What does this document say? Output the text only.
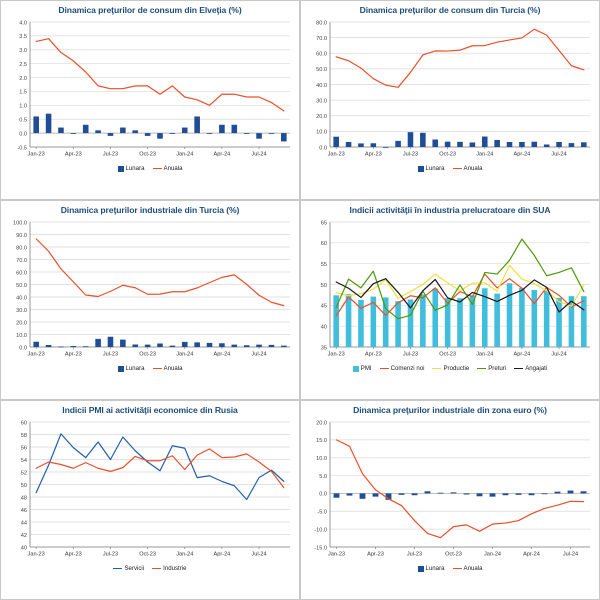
Dinamica preţurilor de consum din Elveţia (%)
-0.5
0.0
0.5
1.0
1.5
2.0
2.5
3.0
3.5
4.0
Jan-23	Apr-23	Jul-23	Oct-23	Jan-24	Apr-24	Jul-24
Lunara	Anuala
Dinamica preţurilor de consum din Turcia (%)
0.0
10.0
20.0
30.0
40.0
50.0
60.0
70.0
80.0
Jan-23	Apr-23	Jul-23	Oct-23	Jan-24	Apr-24	Jul-24
Lunara	Anuala
Dinamica preţurilor industriale din Turcia (%)
0.0
10.0
20.0
30.0
40.0
50.0
60.0
70.0
80.0
90.0
100.0
Jan-23	Apr-23	Jul-23	Oct-23	Jan-24	Apr-24	Jul-24
Lunara	Anuala
Indicii activităţii în industria prelucratoare din SUA
35
40
45
50
55
60
65
Jan-23	Apr-23	Jul-23	Oct-23	Jan-24	Apr-24	Jul-24
PMI	Comenzi noi	Productie	Preturi	Angajati
Indicii PMI ai activităţii economice din Rusia
40
42
44
46
48
50
52
54
56
58
60
Jan-23	Apr-23	Jul-23	Oct-23	Jan-24	Apr-24	Jul-24
Servicii	Industrie
Dinamica preţurilor industriale din zona euro (%)
-15.0
-10.0
-5.0
0.0
5.0
10.0
15.0
20.0
Jan-23	Apr-23	Jul-23	Oct-23	Jan-24	Apr-24	Jul-24
Lunara	Anuala
